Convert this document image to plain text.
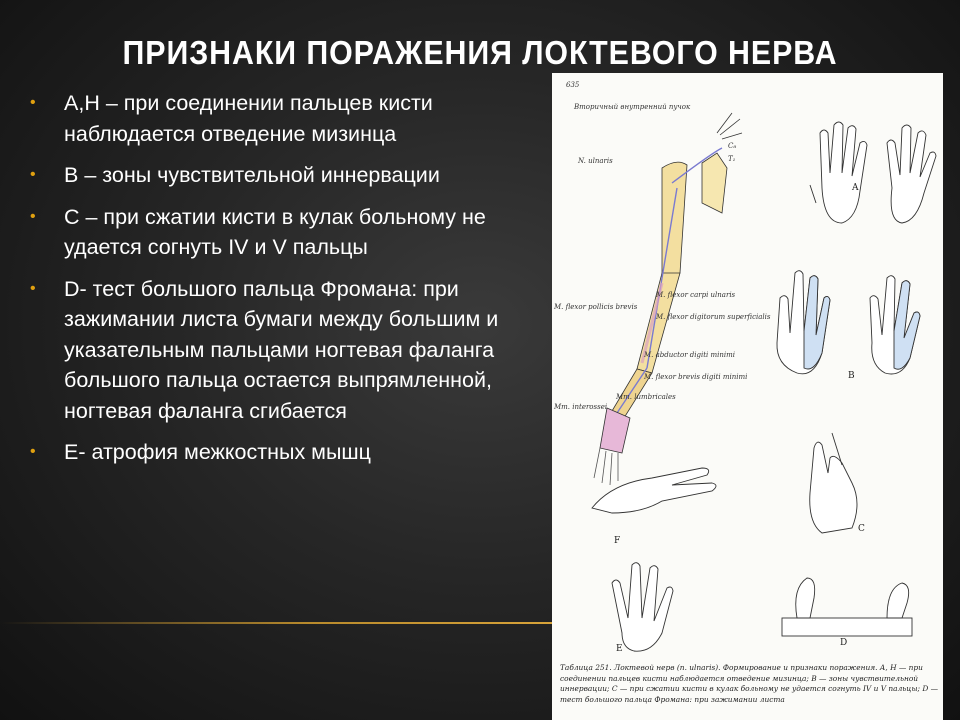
ПРИЗНАКИ ПОРАЖЕНИЯ ЛОКТЕВОГО НЕРВА
• А,Н – при соединении пальцев кисти наблюдается отведение мизинца
• В – зоны чувствительной иннервации
• С – при сжатии кисти в кулак больному не удается согнуть IV и V пальцы
• D- тест большого пальца Фромана: при зажимании листа бумаги между большим и указательным пальцами ногтевая фаланга большого пальца остается выпрямленной, ногтевая фаланга сгибается
• Е- атрофия межкостных мышц
635
Вторичный внутренний пучок
N. ulnaris
C₈
T₁
M. flexor carpi ulnaris
M. flexor digitorum superficialis
M. flexor pollicis brevis
M. abductor digiti minimi
M. flexor brevis digiti minimi
Mm. lumbricales
Mm. interossei
A
B
F
C
E
D
Таблица 251. Локтевой нерв (n. ulnaris). Формирование и признаки поражения. А, Н — при соединении пальцев кисти наблюдается отведение мизинца; В — зоны чувствительной иннервации; С — при сжатии кисти в кулак больному не удается согнуть IV и V пальцы; D — тест большого пальца Фромана: при зажимании листа
